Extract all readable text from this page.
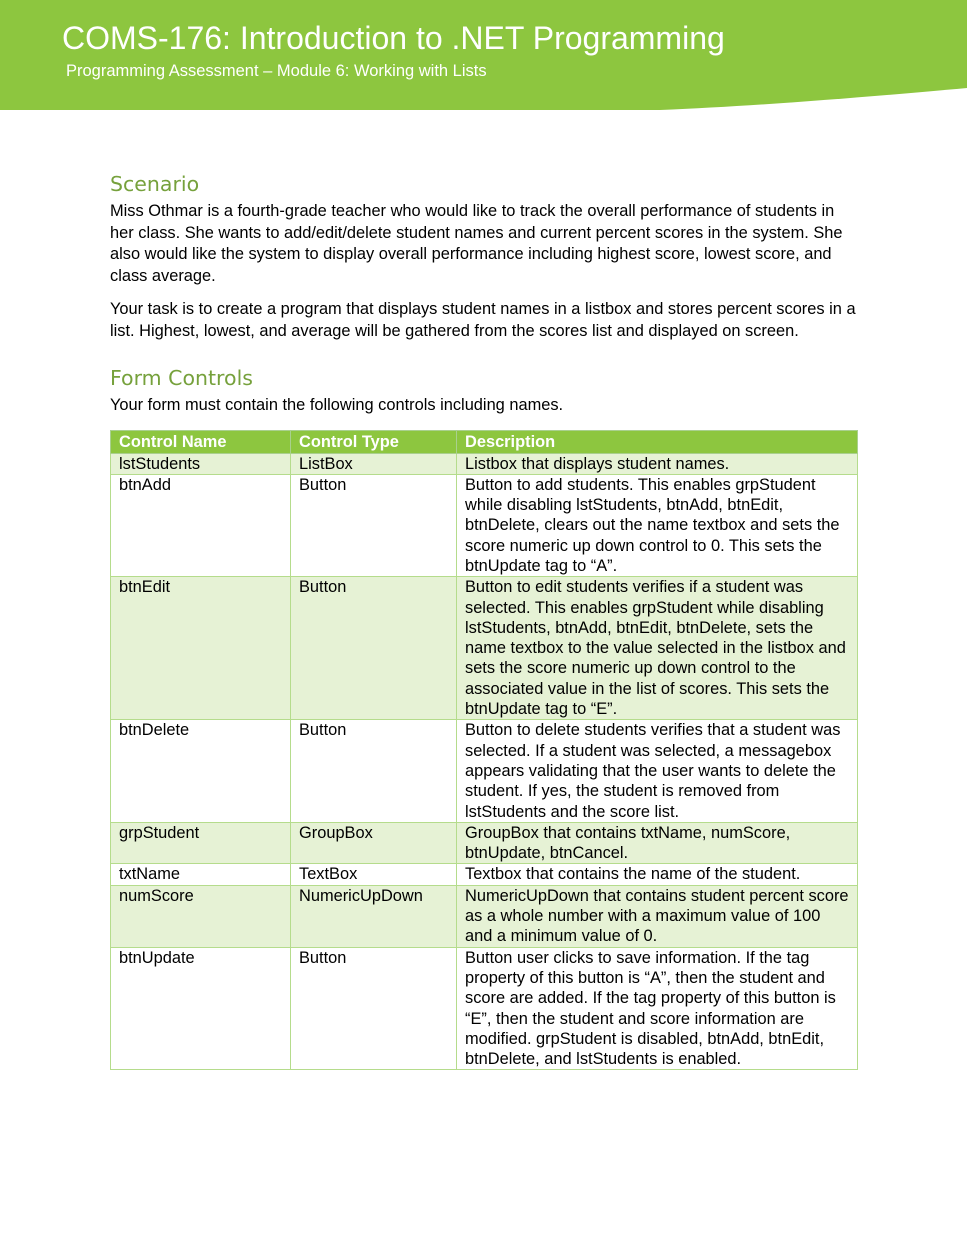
COMS-176: Introduction to .NET Programming
Programming Assessment – Module 6: Working with Lists
Scenario

Miss Othmar is a fourth-grade teacher who would like to track the overall performance of students in her class. She wants to add/edit/delete student names and current percent scores in the system. She also would like the system to display overall performance including highest score, lowest score, and class average.

Your task is to create a program that displays student names in a listbox and stores percent scores in a list. Highest, lowest, and average will be gathered from the scores list and displayed on screen.

Form Controls

Your form must contain the following controls including names.

Control Name	Control Type	Description
lstStudents	ListBox	Listbox that displays student names.
btnAdd	Button	Button to add students. This enables grpStudent while disabling lstStudents, btnAdd, btnEdit, btnDelete, clears out the name textbox and sets the score numeric up down control to 0. This sets the btnUpdate tag to “A”.
btnEdit	Button	Button to edit students verifies if a student was selected. This enables grpStudent while disabling lstStudents, btnAdd, btnEdit, btnDelete, sets the name textbox to the value selected in the listbox and sets the score numeric up down control to the associated value in the list of scores. This sets the btnUpdate tag to “E”.
btnDelete	Button	Button to delete students verifies that a student was selected. If a student was selected, a messagebox appears validating that the user wants to delete the student. If yes, the student is removed from lstStudents and the score list.
grpStudent	GroupBox	GroupBox that contains txtName, numScore, btnUpdate, btnCancel.
txtName	TextBox	Textbox that contains the name of the student.
numScore	NumericUpDown	NumericUpDown that contains student percent score as a whole number with a maximum value of 100 and a minimum value of 0.
btnUpdate	Button	Button user clicks to save information. If the tag property of this button is “A”, then the student and score are added. If the tag property of this button is “E”, then the student and score information are modified. grpStudent is disabled, btnAdd, btnEdit, btnDelete, and lstStudents is enabled.
